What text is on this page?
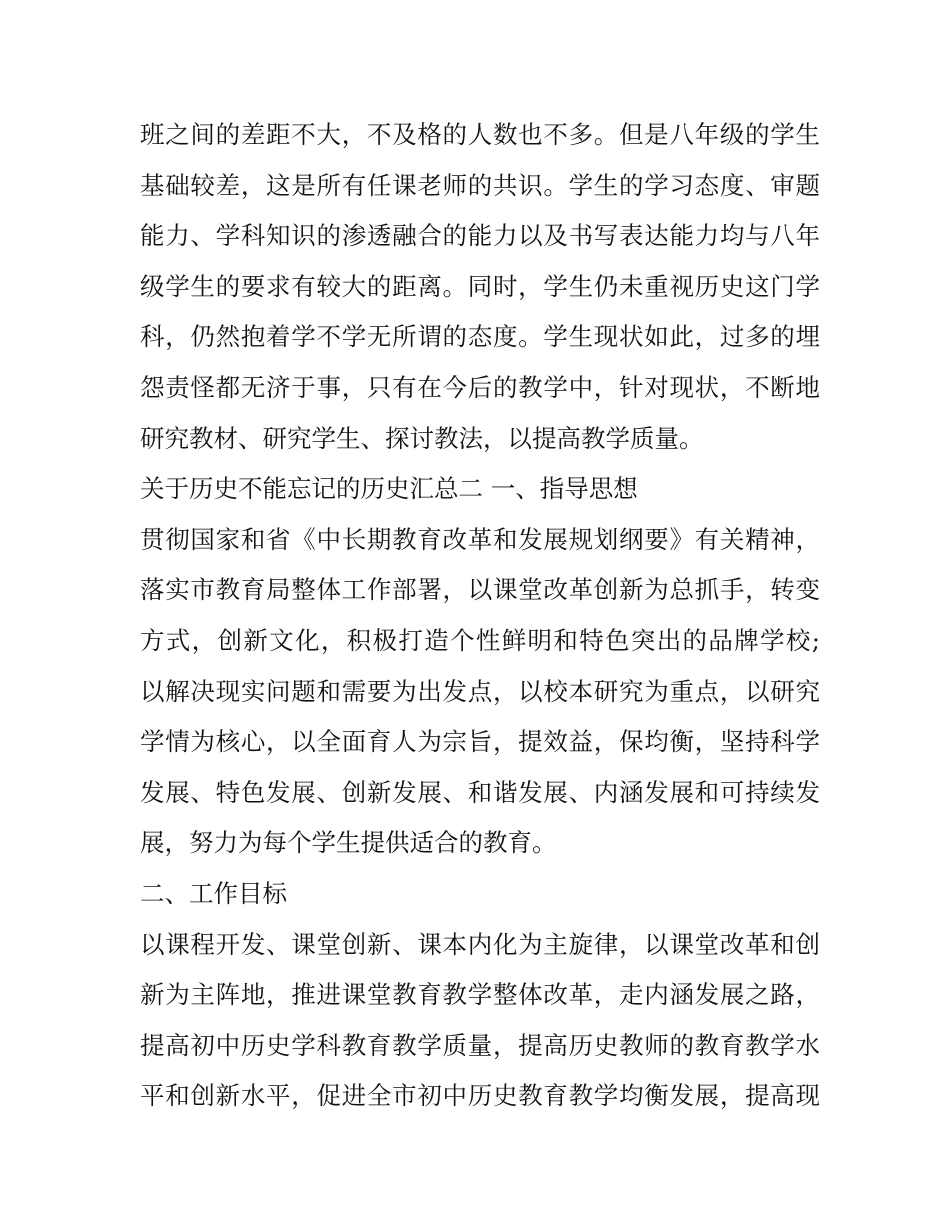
班之间的差距不大，不及格的人数也不多。但是八年级的学生
基础较差，这是所有任课老师的共识。学生的学习态度、审题
能力、学科知识的渗透融合的能力以及书写表达能力均与八年
级学生的要求有较大的距离。同时，学生仍未重视历史这门学
科，仍然抱着学不学无所谓的态度。学生现状如此，过多的埋
怨责怪都无济于事，只有在今后的教学中，针对现状，不断地
研究教材、研究学生、探讨教法，以提高教学质量。
关于历史不能忘记的历史汇总二 一、指导思想
贯彻国家和省《中长期教育改革和发展规划纲要》有关精神，
落实市教育局整体工作部署，以课堂改革创新为总抓手，转变
方式，创新文化，积极打造个性鲜明和特色突出的品牌学校;
以解决现实问题和需要为出发点，以校本研究为重点，以研究
学情为核心，以全面育人为宗旨，提效益，保均衡，坚持科学
发展、特色发展、创新发展、和谐发展、内涵发展和可持续发
展，努力为每个学生提供适合的教育。
二、工作目标
以课程开发、课堂创新、课本内化为主旋律，以课堂改革和创
新为主阵地，推进课堂教育教学整体改革，走内涵发展之路，
提高初中历史学科教育教学质量，提高历史教师的教育教学水
平和创新水平，促进全市初中历史教育教学均衡发展，提高现
